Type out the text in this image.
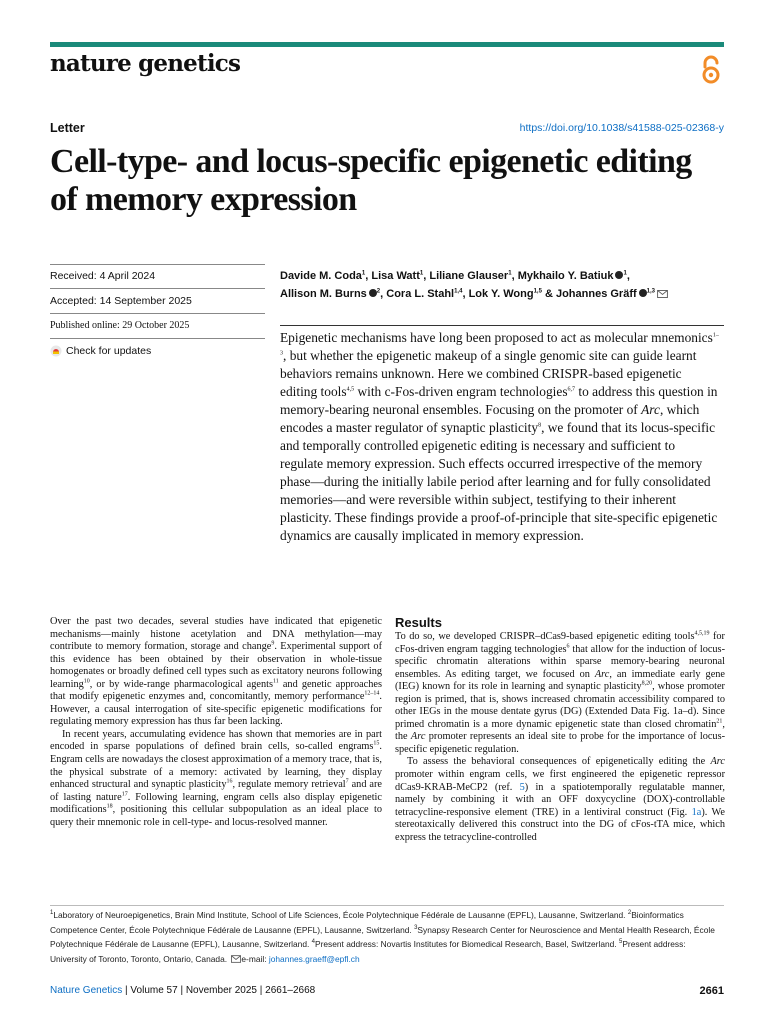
nature genetics
Letter	https://doi.org/10.1038/s41588-025-02368-y
Cell-type- and locus-specific epigenetic editing of memory expression
Received: 4 April 2024
Accepted: 14 September 2025
Published online: 29 October 2025
Check for updates
Davide M. Coda$^1$, Lisa Watt$^1$, Liliane Glauser$^1$, Mykhailo Y. Batiuk $^1$,
Allison M. Burns $^2$, Cora L. Stahl$^{1,4}$, Lok Y. Wong$^{1,5}$ & Johannes Gräff $^{1,3}$
Epigenetic mechanisms have long been proposed to act as molecular mnemonics$^{1-3}$, but whether the epigenetic makeup of a single genomic site can guide learnt behaviors remains unknown. Here we combined CRISPR-based epigenetic editing tools$^{4,5}$ with c-Fos-driven engram technologies$^{6,7}$ to address this question in memory-bearing neuronal ensembles. Focusing on the promoter of Arc, which encodes a master regulator of synaptic plasticity$^8$, we found that its locus-specific and temporally controlled epigenetic editing is necessary and sufficient to regulate memory expression. Such effects occurred irrespective of the memory phase—during the initially labile period after learning and for fully consolidated memories—and were reversible within subject, testifying to their inherent plasticity. These findings provide a proof-of-principle that site-specific epigenetic dynamics are causally implicated in memory expression.

Over the past two decades, several studies have indicated that epigenetic mechanisms—mainly histone acetylation and DNA methylation—may contribute to memory formation, storage and change$^9$. Experimental support of this evidence has been obtained by their observation in whole-tissue homogenates or broadly defined cell types such as excitatory neurons following learning$^{10}$, or by wide-range pharmacological agents$^{11}$ and genetic approaches that modify epigenetic enzymes and, concomitantly, memory performance$^{12-14}$. However, a causal interrogation of site-specific epigenetic modifications for regulating memory expression has thus far been lacking.

In recent years, accumulating evidence has shown that memories are in part encoded in sparse populations of defined brain cells, so-called engrams$^{15}$. Engram cells are nowadays the closest approximation of a memory trace, that is, the physical substrate of a memory: activated by learning, they display enhanced structural and synaptic plasticity$^{16}$, regulate memory retrieval$^7$ and are of lasting nature$^{17}$. Following learning, engram cells also display epigenetic modifications$^{18}$, positioning this cellular subpopulation as an ideal place to query their mnemonic role in cell-type- and locus-resolved manner.

Results

To do so, we developed CRISPR–dCas9-based epigenetic editing tools$^{4,5,19}$ for cFos-driven engram tagging technologies$^6$ that allow for the induction of locus-specific chromatin alterations within sparse memory-bearing neuronal ensembles. As editing target, we focused on Arc, an immediate early gene (IEG) known for its role in learning and synaptic plasticity$^{8,20}$, whose promoter region is primed, that is, shows increased chromatin accessibility compared to other IEGs in the mouse dentate gyrus (DG) (Extended Data Fig. 1a–d). Since primed chromatin is a more dynamic epigenetic state than closed chromatin$^{21}$, the Arc promoter represents an ideal site to probe for the importance of locus-specific epigenetic regulation.

To assess the behavioral consequences of epigenetically editing the Arc promoter within engram cells, we first engineered the epigenetic repressor dCas9-KRAB-MeCP2 (ref. 5) in a spatiotemporally regulatable manner, namely by combining it with an OFF doxycycline (DOX)-controllable tetracycline-responsive element (TRE) in a lentiviral construct (Fig. 1a). We stereotaxically delivered this construct into the DG of cFos-tTA mice, which express the tetracycline-controlled

$^1$Laboratory of Neuroepigenetics, Brain Mind Institute, School of Life Sciences, École Polytechnique Fédérale de Lausanne (EPFL), Lausanne, Switzerland. $^2$Bioinformatics Competence Center, École Polytechnique Fédérale de Lausanne (EPFL), Lausanne, Switzerland. $^3$Synapsy Research Center for Neuroscience and Mental Health Research, École Polytechnique Fédérale de Lausanne (EPFL), Lausanne, Switzerland. $^4$Present address: Novartis Institutes for Biomedical Research, Basel, Switzerland. $^5$Present address: University of Toronto, Toronto, Ontario, Canada. e-mail: johannes.graeff@epfl.ch
Nature Genetics | Volume 57 | November 2025 | 2661–2668	2661
